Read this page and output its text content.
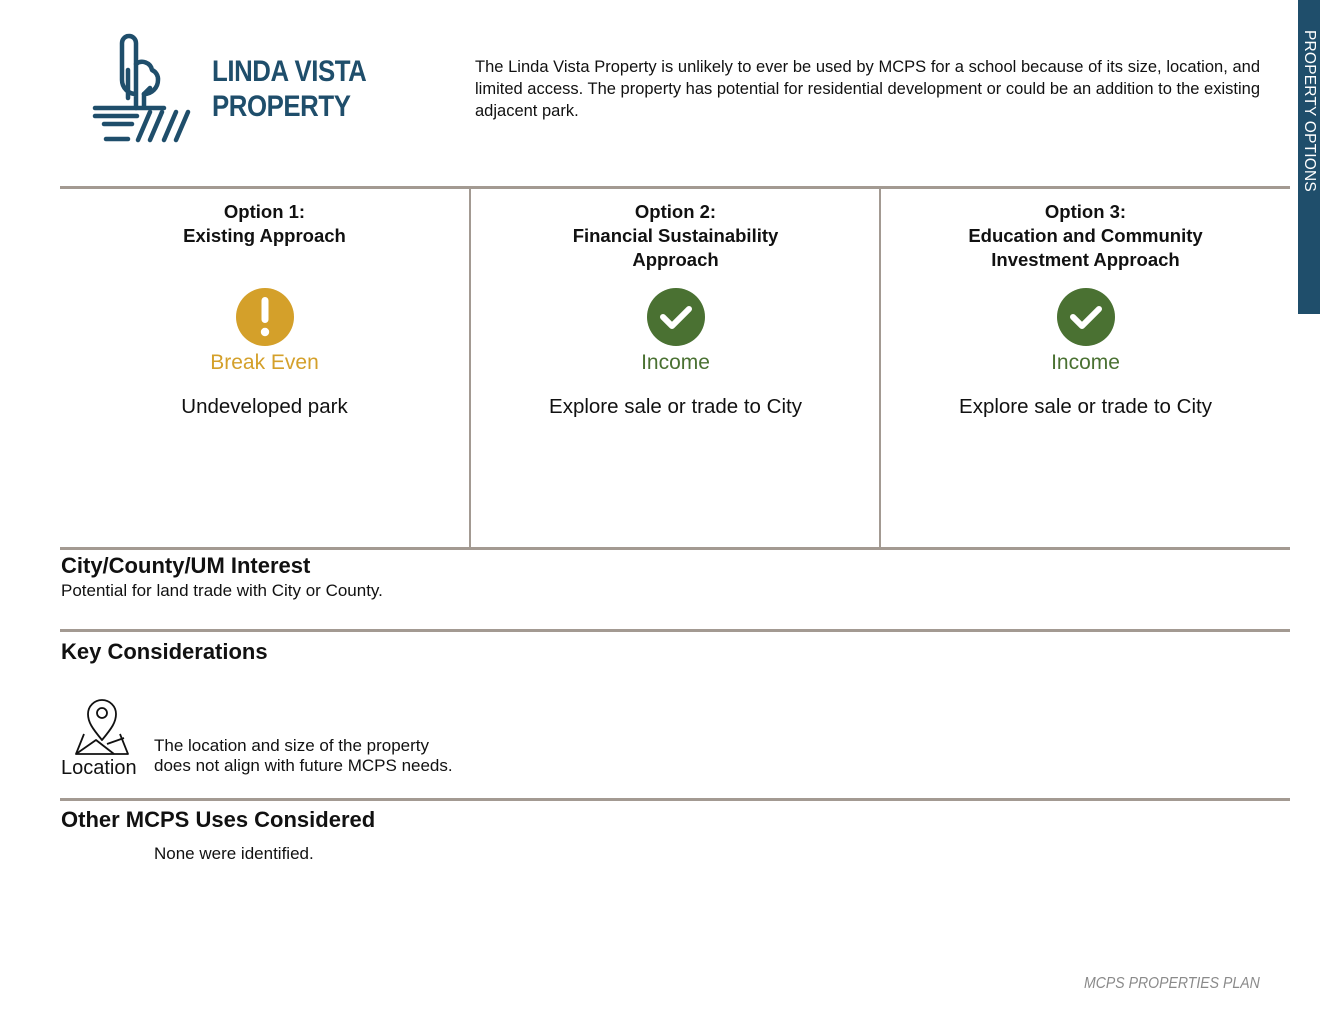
LINDA VISTA
PROPERTY
The Linda Vista Property is unlikely to ever be used by MCPS for a school because of its size, location, and limited access. The property has potential for residential development or could be an addition to the existing adjacent park.	PROPERTY OPTIONS
Option 1:
Existing Approach
Break Even
Undeveloped park
Option 2:
Financial Sustainability
Approach
Income
Explore sale or trade to City
Option 3:
Education and Community
Investment Approach
Income
Explore sale or trade to City
City/County/UM Interest
Potential for land trade with City or County.
Key Considerations
Location
The location and size of the property does not align with future MCPS needs.
Other MCPS Uses Considered
None were identified.
MCPS PROPERTIES PLAN
